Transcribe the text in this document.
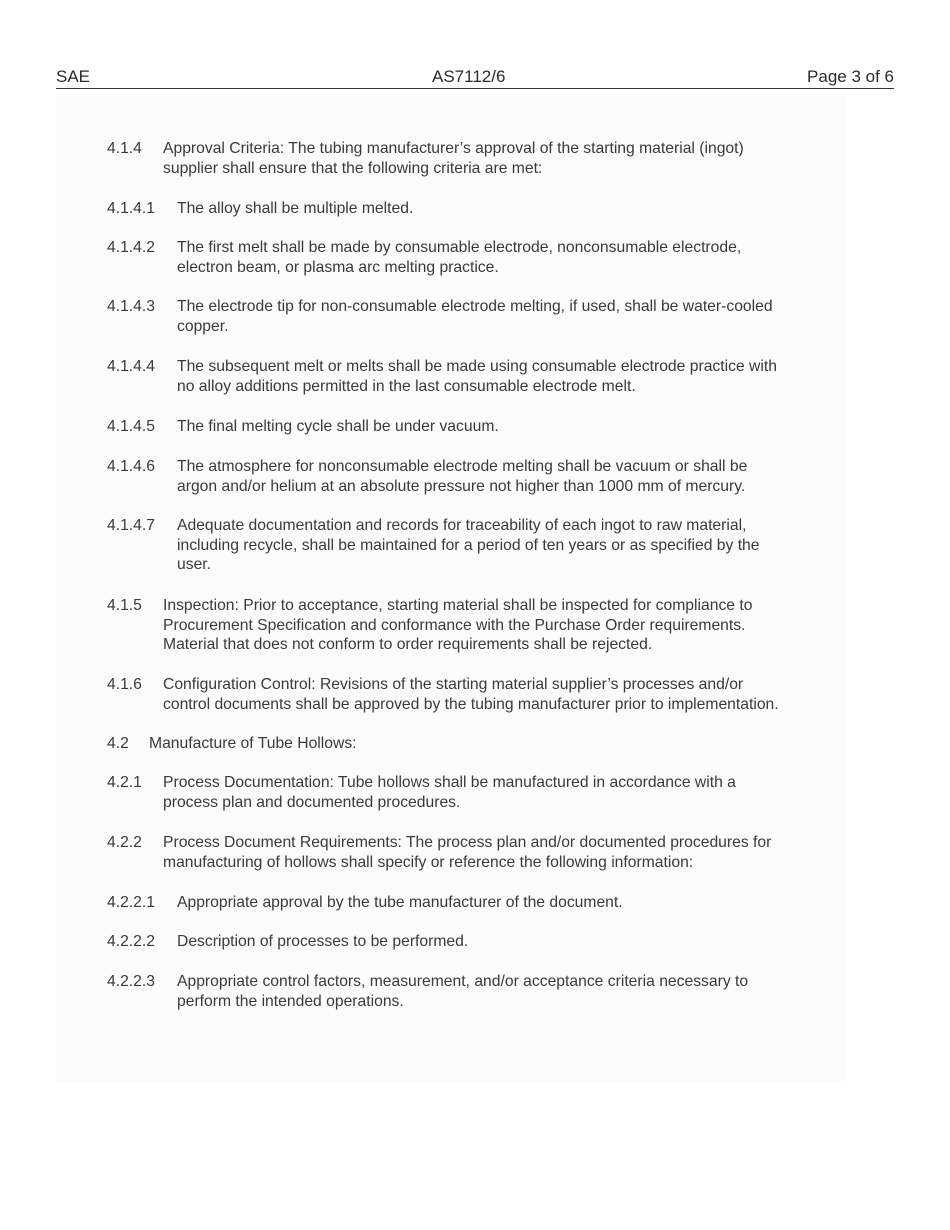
SAE	AS7112/6	Page 3 of 6
4.1.4 Approval Criteria: The tubing manufacturer’s approval of the starting material (ingot)
supplier shall ensure that the following criteria are met:
4.1.4.1 The alloy shall be multiple melted.
4.1.4.2 The first melt shall be made by consumable electrode, nonconsumable electrode,
electron beam, or plasma arc melting practice.
4.1.4.3 The electrode tip for non-consumable electrode melting, if used, shall be water-cooled
copper.
4.1.4.4 The subsequent melt or melts shall be made using consumable electrode practice with
no alloy additions permitted in the last consumable electrode melt.
4.1.4.5 The final melting cycle shall be under vacuum.
4.1.4.6 The atmosphere for nonconsumable electrode melting shall be vacuum or shall be
argon and/or helium at an absolute pressure not higher than 1000 mm of mercury.
4.1.4.7 Adequate documentation and records for traceability of each ingot to raw material,
including recycle, shall be maintained for a period of ten years or as specified by the
user.
4.1.5 Inspection: Prior to acceptance, starting material shall be inspected for compliance to
Procurement Specification and conformance with the Purchase Order requirements.
Material that does not conform to order requirements shall be rejected.
4.1.6 Configuration Control: Revisions of the starting material supplier’s processes and/or
control documents shall be approved by the tubing manufacturer prior to implementation.
4.2 Manufacture of Tube Hollows:
4.2.1 Process Documentation: Tube hollows shall be manufactured in accordance with a
process plan and documented procedures.
4.2.2 Process Document Requirements: The process plan and/or documented procedures for
manufacturing of hollows shall specify or reference the following information:
4.2.2.1 Appropriate approval by the tube manufacturer of the document.
4.2.2.2 Description of processes to be performed.
4.2.2.3 Appropriate control factors, measurement, and/or acceptance criteria necessary to
perform the intended operations.
